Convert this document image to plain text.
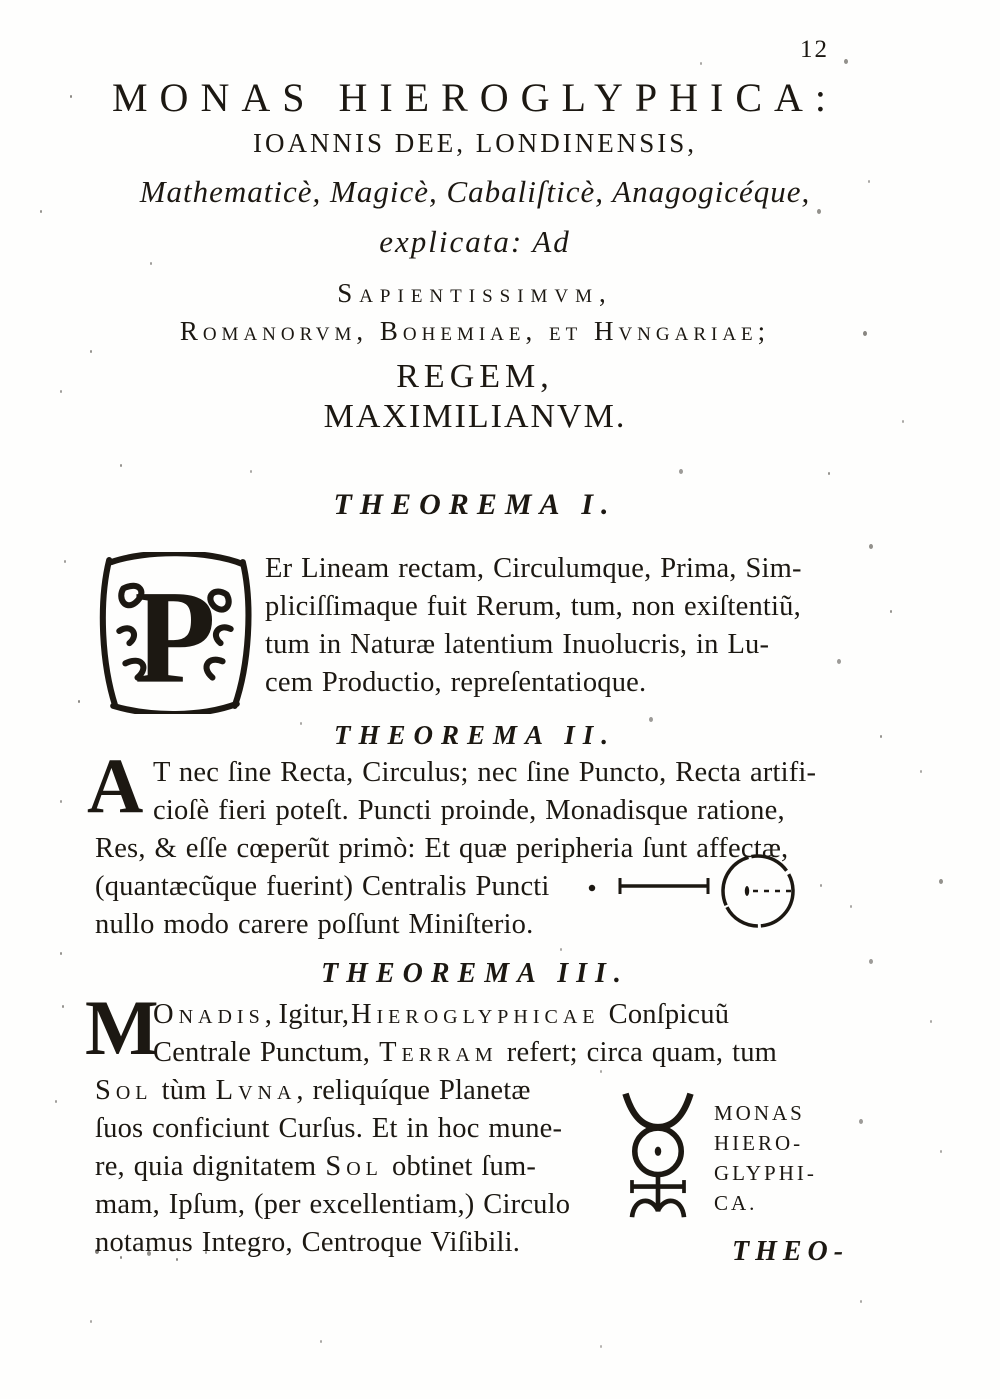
12
MONAS HIEROGLYPHICA:
IOANNIS DEE, LONDINENSIS,
Mathematicè, Magicè, Cabaliſticè, Anagogicéque,
explicata: Ad
Sapientissimvm,
Romanorvm, Bohemiae, et Hvngariae;
REGEM,
MAXIMILIANVM.
THEOREMA I.
P Er Lineam rectam, Circulumque, Prima, Sim-
pliciſſimaque fuit Rerum, tum, non exiſtentiũ,
tum in Naturæ latentium Inuolucris, in Lu-
cem Productio, repreſentatioque.
THEOREMA II.
A T nec ſine Recta, Circulus; nec ſine Puncto, Recta artifi-
cioſè fieri poteſt. Puncti proinde, Monadisque ratione,
Res, & eſſe cœperũt primò: Et quæ peripheria ſunt affectæ,
(quantæcũque fuerint) Centralis Puncti
nullo modo carere poſſunt Miniſterio.
THEOREMA III.
M
Onadis,Igitur,Hieroglyphicae Conſpicuũ
Centrale Punctum, Terram refert; circa quam, tum
Sol tùm Lvna, reliquíque Planetæ
ſuos conficiunt Curſus. Et in hoc mune-
re, quia dignitatem Sol obtinet ſum-
mam, Ipſum, (per excellentiam,) Circulo
notamus Integro, Centroque Viſibili.
MONAS
HIERO-
GLYPHI-
CA.
THEO-
